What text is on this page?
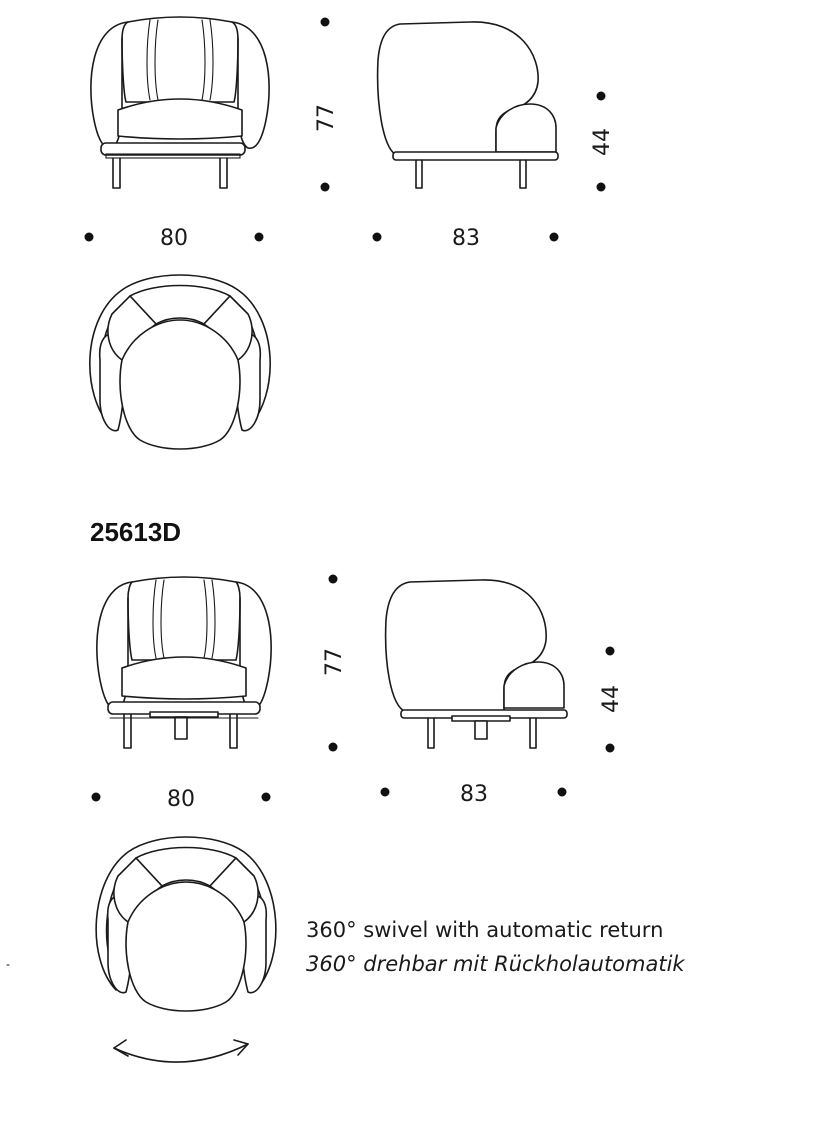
77
44
80	83
25613D
77
44
80	83
360° swivel with automatic return
360° drehbar mit Rückholautomatik
